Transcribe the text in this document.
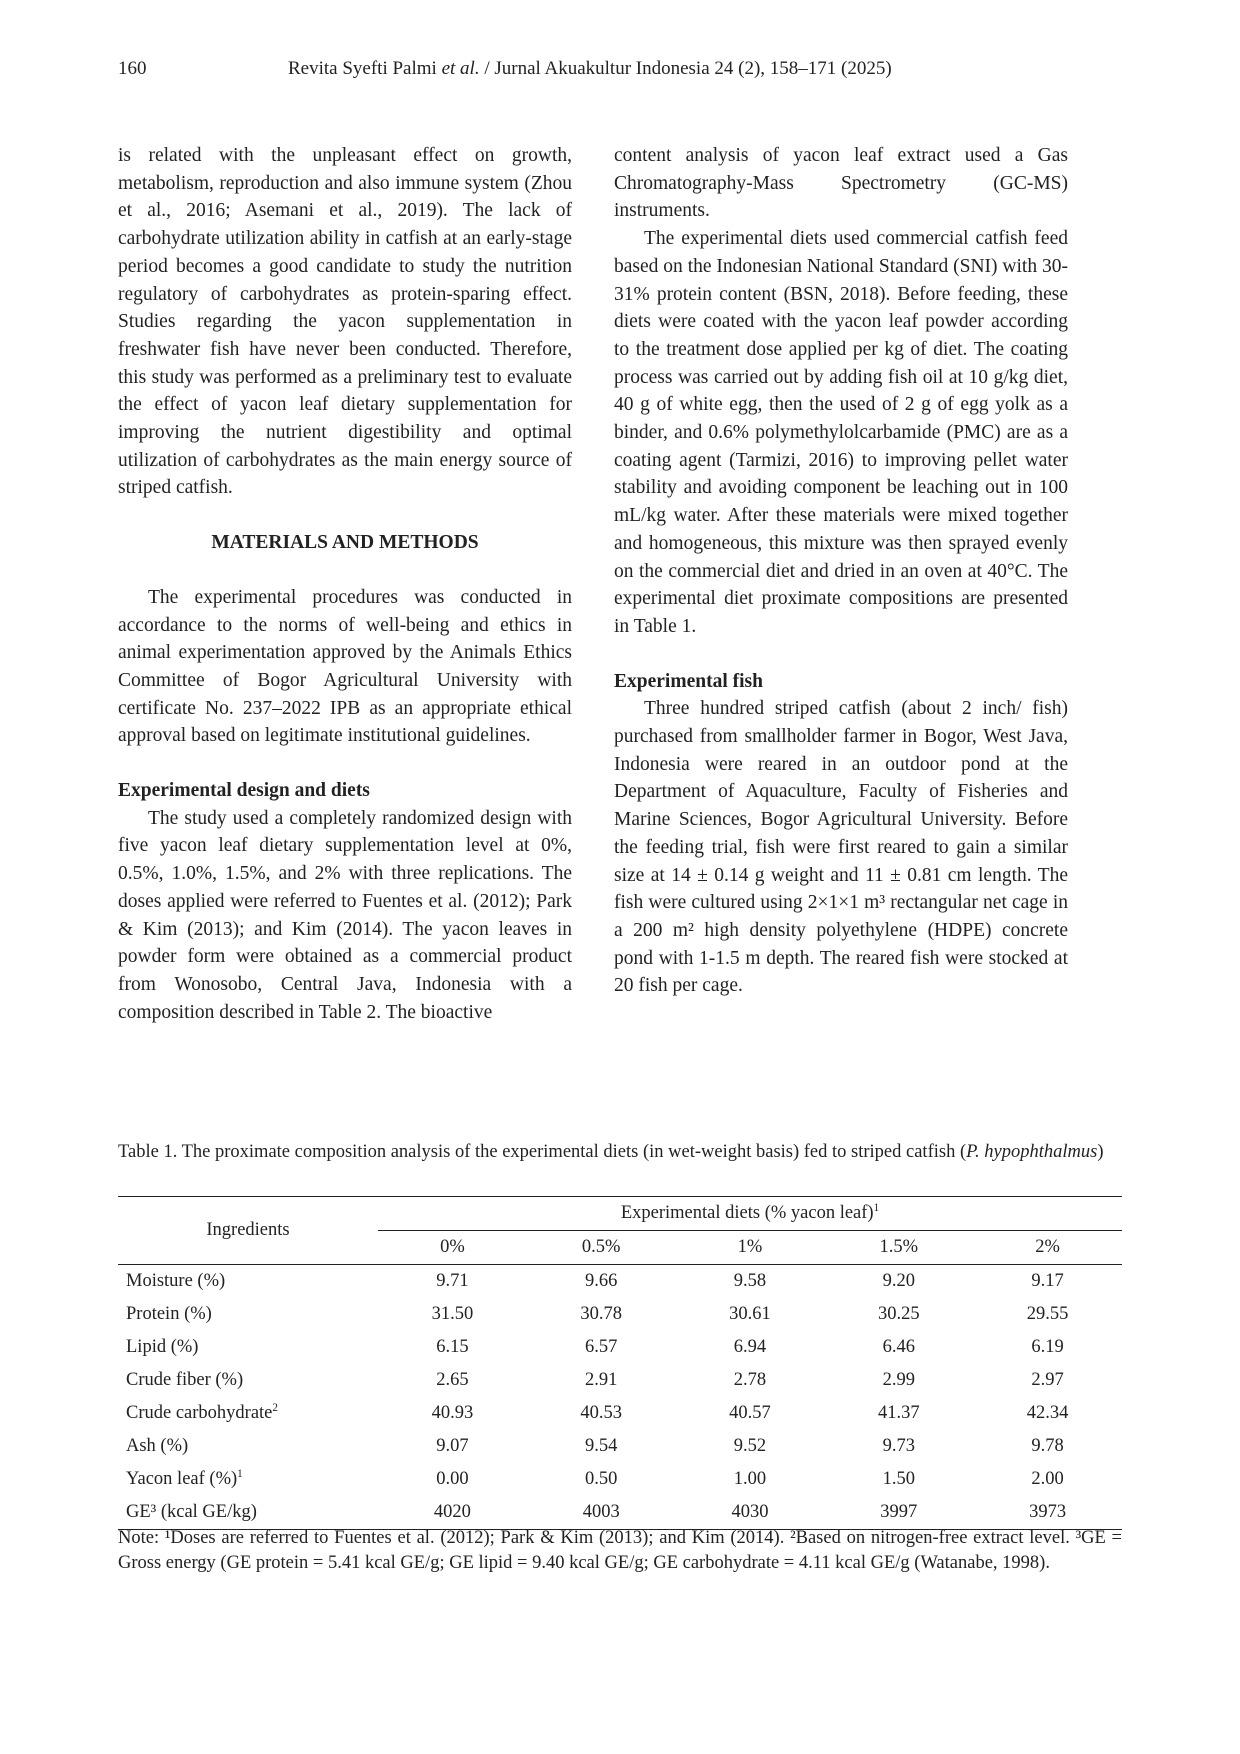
160	Revita Syefti Palmi et al. / Jurnal Akuakultur Indonesia 24 (2), 158–171 (2025)

is related with the unpleasant effect on growth, metabolism, reproduction and also immune system (Zhou et al., 2016; Asemani et al., 2019). The lack of carbohydrate utilization ability in catfish at an early-stage period becomes a good candidate to study the nutrition regulatory of carbohydrates as protein-sparing effect. Studies regarding the yacon supplementation in freshwater fish have never been conducted. Therefore, this study was performed as a preliminary test to evaluate the effect of yacon leaf dietary supplementation for improving the nutrient digestibility and optimal utilization of carbohydrates as the main energy source of striped catfish.

MATERIALS AND METHODS

The experimental procedures was conducted in accordance to the norms of well-being and ethics in animal experimentation approved by the Animals Ethics Committee of Bogor Agricultural University with certificate No. 237–2022 IPB as an appropriate ethical approval based on legitimate institutional guidelines.

Experimental design and diets

The study used a completely randomized design with five yacon leaf dietary supplementation level at 0%, 0.5%, 1.0%, 1.5%, and 2% with three replications. The doses applied were referred to Fuentes et al. (2012); Park & Kim (2013); and Kim (2014). The yacon leaves in powder form were obtained as a commercial product from Wonosobo, Central Java, Indonesia with a composition described in Table 2. The bioactive

content analysis of yacon leaf extract used a Gas Chromatography-Mass Spectrometry (GC-MS) instruments.

The experimental diets used commercial catfish feed based on the Indonesian National Standard (SNI) with 30-31% protein content (BSN, 2018). Before feeding, these diets were coated with the yacon leaf powder according to the treatment dose applied per kg of diet. The coating process was carried out by adding fish oil at 10 g/kg diet, 40 g of white egg, then the used of 2 g of egg yolk as a binder, and 0.6% polymethylolcarbamide (PMC) are as a coating agent (Tarmizi, 2016) to improving pellet water stability and avoiding component be leaching out in 100 mL/kg water. After these materials were mixed together and homogeneous, this mixture was then sprayed evenly on the commercial diet and dried in an oven at 40°C. The experimental diet proximate compositions are presented in Table 1.

Experimental fish

Three hundred striped catfish (about 2 inch/ fish) purchased from smallholder farmer in Bogor, West Java, Indonesia were reared in an outdoor pond at the Department of Aquaculture, Faculty of Fisheries and Marine Sciences, Bogor Agricultural University. Before the feeding trial, fish were first reared to gain a similar size at 14 ± 0.14 g weight and 11 ± 0.81 cm length. The fish were cultured using 2×1×1 m³ rectangular net cage in a 200 m² high density polyethylene (HDPE) concrete pond with 1-1.5 m depth. The reared fish were stocked at 20 fish per cage.

Table 1. The proximate composition analysis of the experimental diets (in wet-weight basis) fed to striped catfish (P. hypophthalmus)
Ingredients	Experimental diets (% yacon leaf)$^1$
	0%	0.5%	1%	1.5%	2%
Moisture (%)	9.71	9.66	9.58	9.20	9.17
Protein (%)	31.50	30.78	30.61	30.25	29.55
Lipid (%)	6.15	6.57	6.94	6.46	6.19
Crude fiber (%)	2.65	2.91	2.78	2.99	2.97
Crude carbohydrate$^2$	40.93	40.53	40.57	41.37	42.34
Ash (%)	9.07	9.54	9.52	9.73	9.78
Yacon leaf (%)$^1$	0.00	0.50	1.00	1.50	2.00
GE³ (kcal GE/kg)	4020	4003	4030	3997	3973
Note: ¹Doses are referred to Fuentes et al. (2012); Park & Kim (2013); and Kim (2014). ²Based on nitrogen-free extract level. ³GE = Gross energy (GE protein = 5.41 kcal GE/g; GE lipid = 9.40 kcal GE/g; GE carbohydrate = 4.11 kcal GE/g (Watanabe, 1998).
